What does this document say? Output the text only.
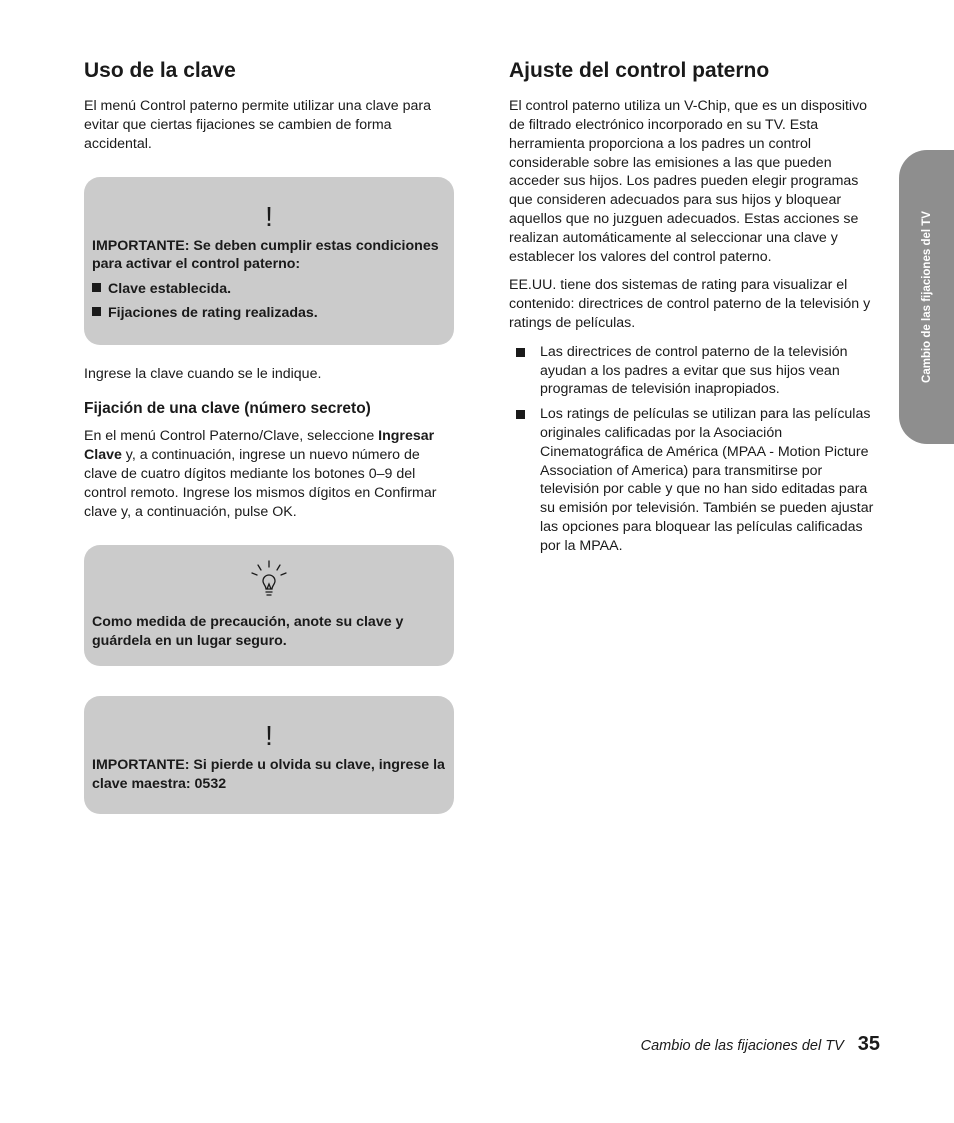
Uso de la clave

El menú Control paterno permite utilizar una clave para evitar que ciertas fijaciones se cambien de forma accidental.

!

IMPORTANTE: Se deben cumplir estas condiciones para activar el control paterno:

Clave establecida.
Fijaciones de rating realizadas.

Ingrese la clave cuando se le indique.

Fijación de una clave (número secreto)

En el menú Control Paterno/Clave, seleccione Ingresar Clave y, a continuación, ingrese un nuevo número de clave de cuatro dígitos mediante los botones 0–9 del control remoto. Ingrese los mismos dígitos en Confirmar clave y, a continuación, pulse OK.

Como medida de precaución, anote su clave y guárdela en un lugar seguro.

!

IMPORTANTE: Si pierde u olvida su clave, ingrese la clave maestra: 0532

Ajuste del control paterno

El control paterno utiliza un V-Chip, que es un dispositivo de filtrado electrónico incorporado en su TV. Esta herramienta proporciona a los padres un control considerable sobre las emisiones a las que pueden acceder sus hijos. Los padres pueden elegir programas que consideren adecuados para sus hijos y bloquear aquellos que no juzguen adecuados. Estas acciones se realizan automáticamente al seleccionar una clave y establecer los valores del control paterno.

EE.UU. tiene dos sistemas de rating para visualizar el contenido: directrices de control paterno de la televisión y ratings de películas.

Las directrices de control paterno de la televisión ayudan a los padres a evitar que sus hijos vean programas de televisión inapropiados.
Los ratings de películas se utilizan para las películas originales calificadas por la Asociación Cinematográfica de América (MPAA - Motion Picture Association of America) para transmitirse por televisión por cable y que no han sido editadas para su emisión por televisión. También se pueden ajustar las opciones para bloquear las películas calificadas por la MPAA.
Cambio de las fijaciones del TV
Cambio de las fijaciones del TV 35
